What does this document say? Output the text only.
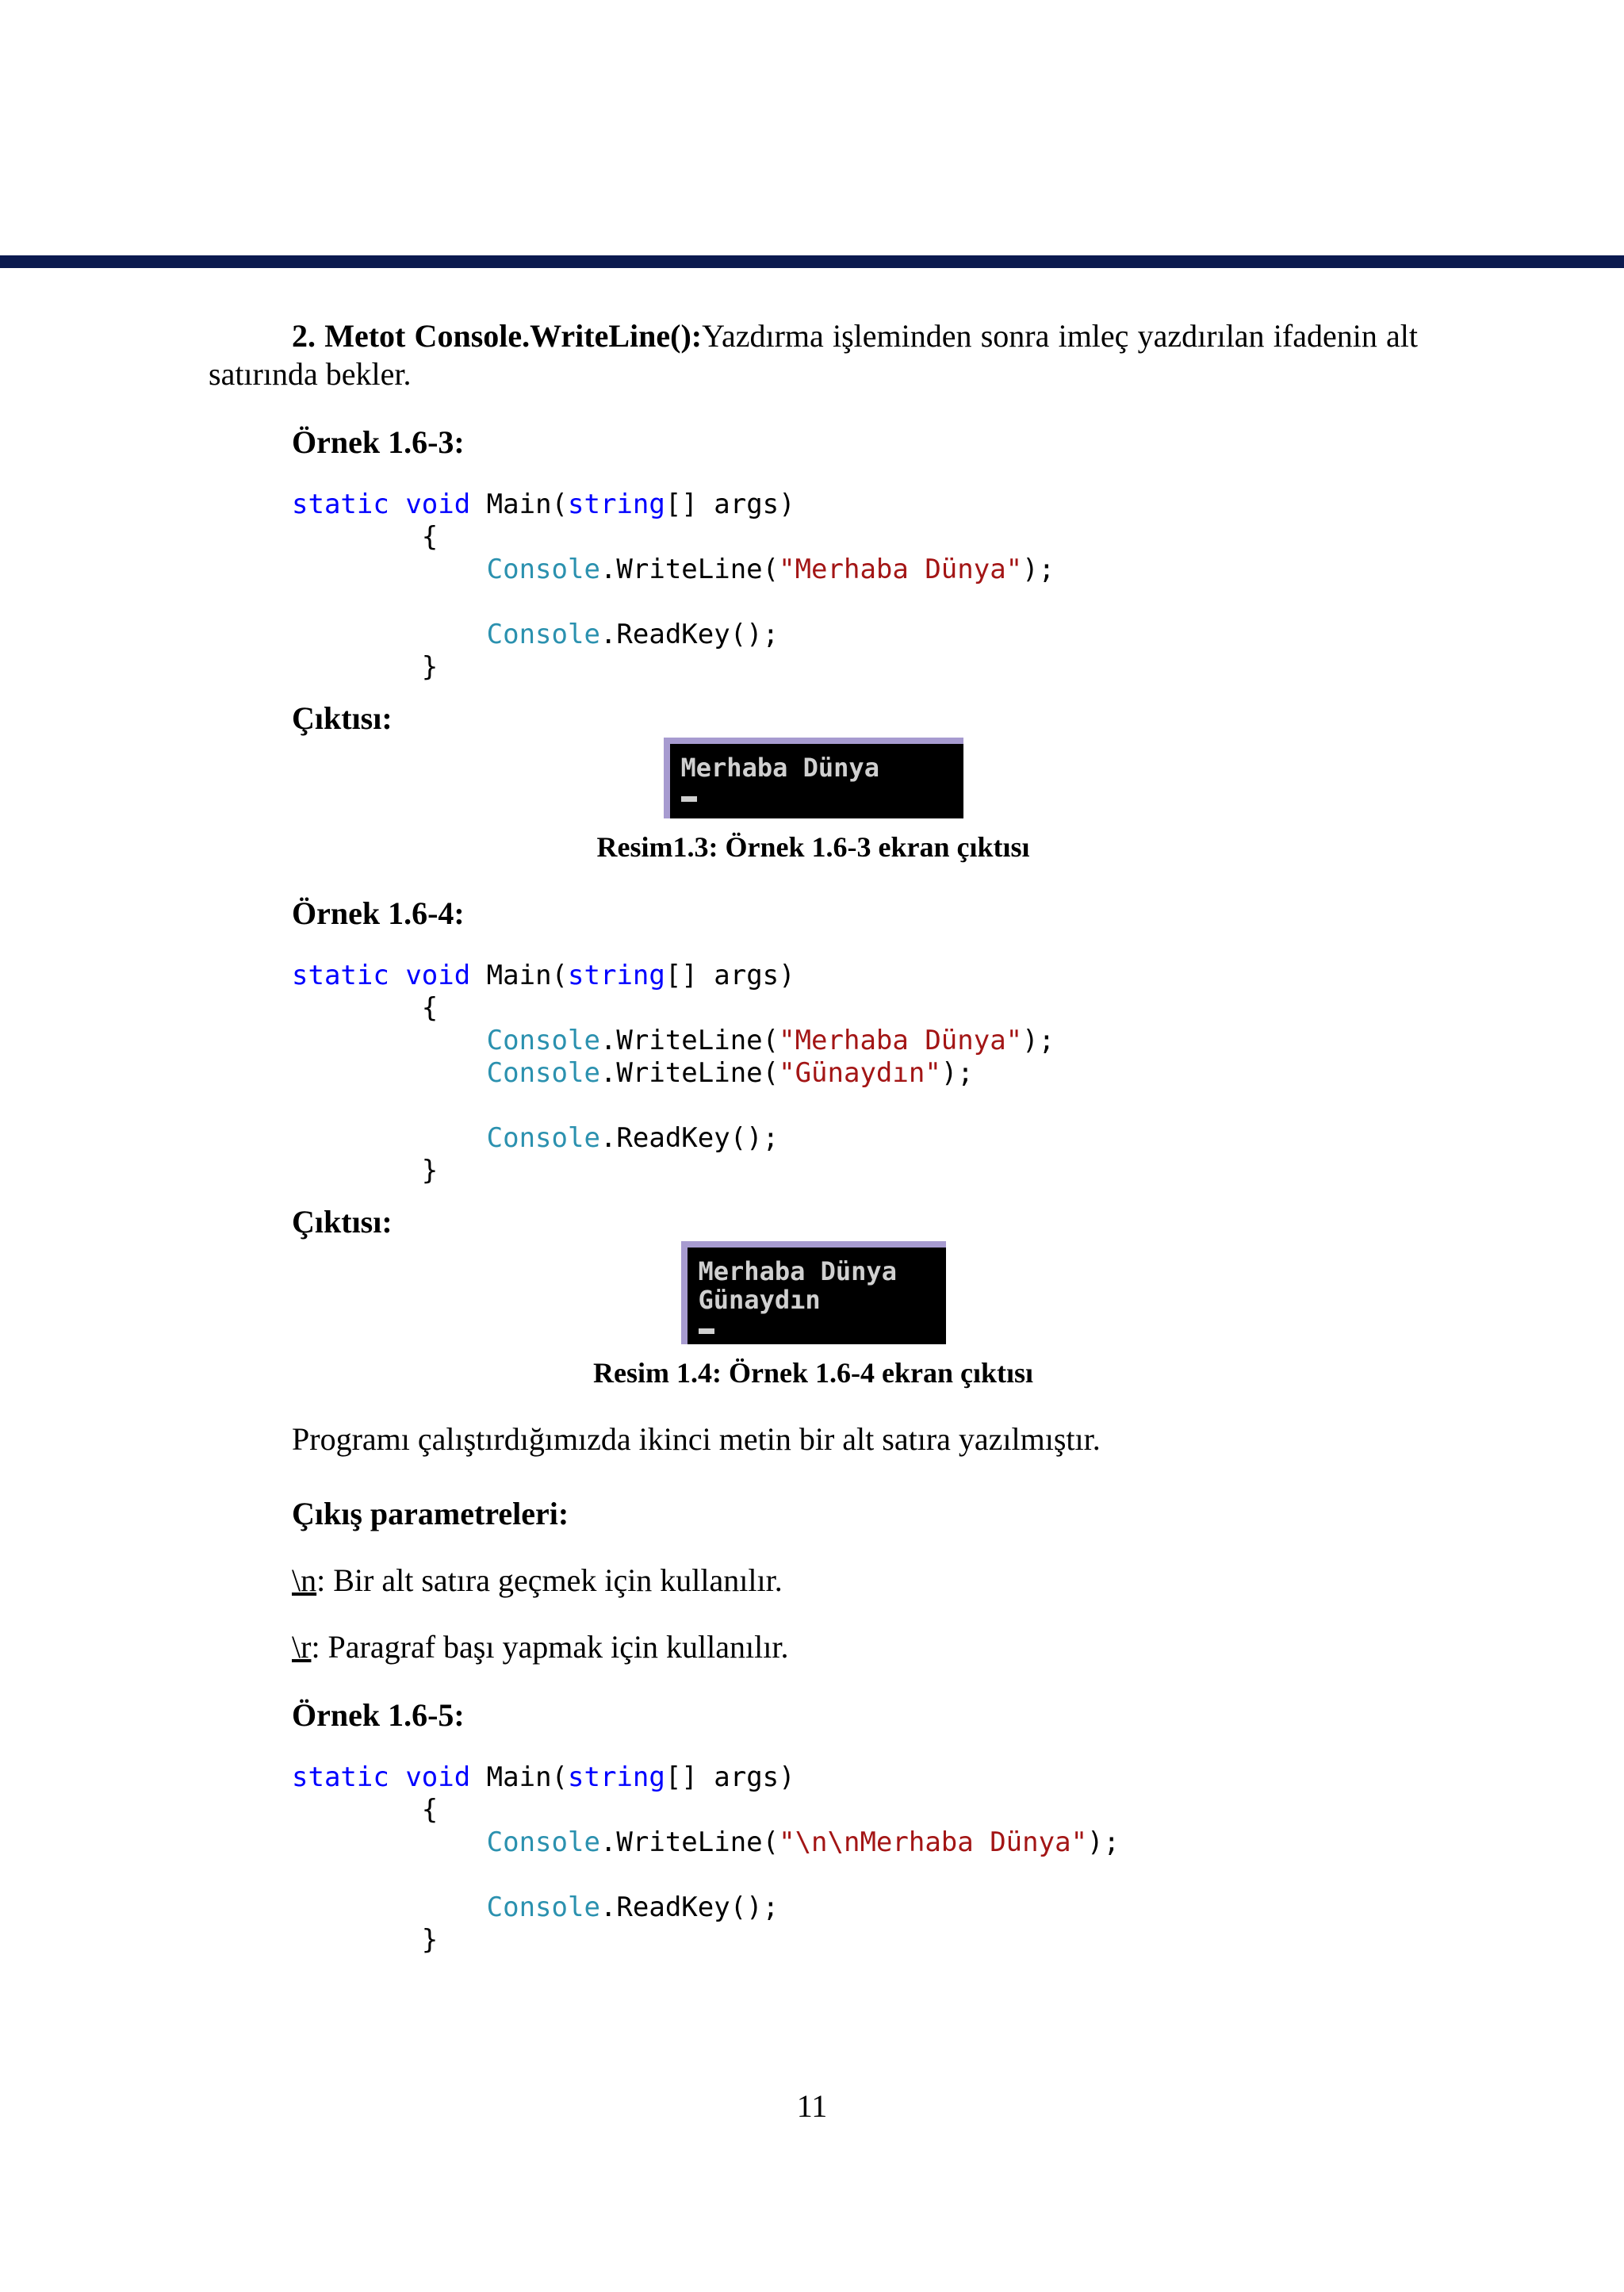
2. Metot Console.WriteLine():Yazdırma işleminden sonra imleç yazdırılan ifadenin alt satırında bekler.

Örnek 1.6-3:

static void Main(string[] args)
{
Console.WriteLine("Merhaba Dünya");

Console.ReadKey();
}

Çıktısı:

Merhaba Dünya

Resim1.3: Örnek 1.6-3 ekran çıktısı

Örnek 1.6-4:

static void Main(string[] args)
{
Console.WriteLine("Merhaba Dünya");
Console.WriteLine("Günaydın");

Console.ReadKey();
}

Çıktısı:

Merhaba Dünya
Günaydın

Resim 1.4: Örnek 1.6-4 ekran çıktısı

Programı çalıştırdığımızda ikinci metin bir alt satıra yazılmıştır.

Çıkış parametreleri:

\n: Bir alt satıra geçmek için kullanılır.

\r: Paragraf başı yapmak için kullanılır.

Örnek 1.6-5:

static void Main(string[] args)
{
Console.WriteLine("\n\nMerhaba Dünya");

Console.ReadKey();
}
11
